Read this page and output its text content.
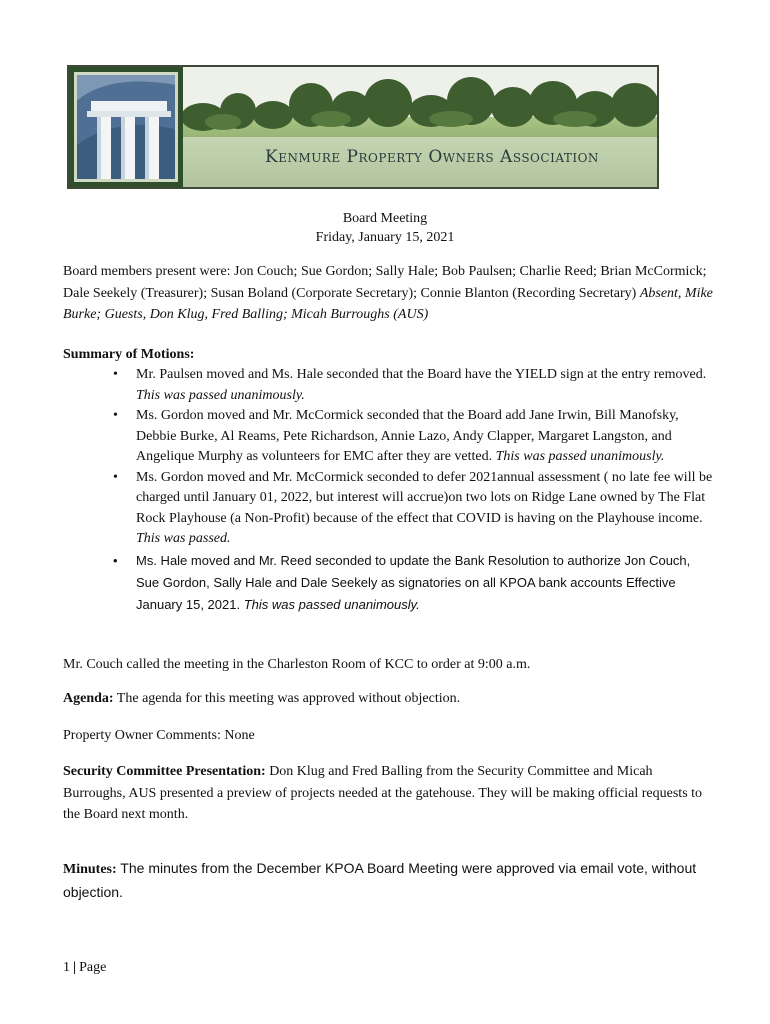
Kenmure Property Owners Association
Board Meeting
Friday, January 15, 2021
Board members present were: Jon Couch; Sue Gordon; Sally Hale; Bob Paulsen; Charlie Reed; Brian McCormick; Dale Seekely (Treasurer); Susan Boland (Corporate Secretary); Connie Blanton (Recording Secretary) Absent, Mike Burke; Guests, Don Klug, Fred Balling; Micah Burroughs (AUS)
Summary of Motions:
• Mr. Paulsen moved and Ms. Hale seconded that the Board have the YIELD sign at the entry removed. This was passed unanimously.
• Ms. Gordon moved and Mr. McCormick seconded that the Board add Jane Irwin, Bill Manofsky, Debbie Burke, Al Reams, Pete Richardson, Annie Lazo, Andy Clapper, Margaret Langston, and Angelique Murphy as volunteers for EMC after they are vetted. This was passed unanimously.
• Ms. Gordon moved and Mr. McCormick seconded to defer 2021annual assessment ( no late fee will be charged until January 01, 2022, but interest will accrue)on two lots on Ridge Lane owned by The Flat Rock Playhouse (a Non-Profit) because of the effect that COVID is having on the Playhouse income. This was passed.
• Ms. Hale moved and Mr. Reed seconded to update the Bank Resolution to authorize Jon Couch, Sue Gordon, Sally Hale and Dale Seekely as signatories on all KPOA bank accounts Effective January 15, 2021. This was passed unanimously.
Mr. Couch called the meeting in the Charleston Room of KCC to order at 9:00 a.m.
Agenda: The agenda for this meeting was approved without objection.
Property Owner Comments: None
Security Committee Presentation: Don Klug and Fred Balling from the Security Committee and Micah Burroughs, AUS presented a preview of projects needed at the gatehouse. They will be making official requests to the Board next month.
Minutes: The minutes from the December KPOA Board Meeting were approved via email vote, without objection.
1 | Page
